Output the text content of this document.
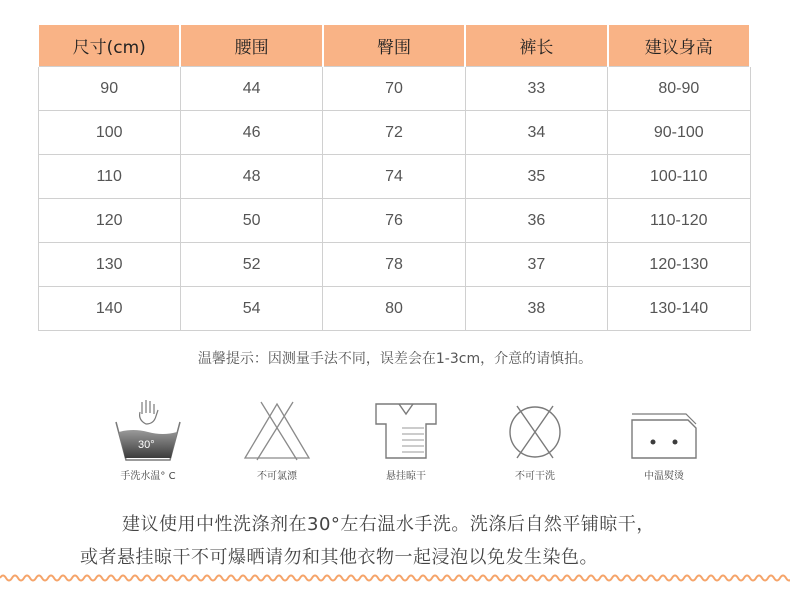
尺寸(cm)	腰围	臀围	裤长	建议身高
90	44	70	33	80-90
100	46	72	34	90-100
110	48	74	35	100-110
120	50	76	36	110-120
130	52	78	37	120-130
140	54	80	38	130-140
温馨提示：因测量手法不同，误差会在1-3cm，介意的请慎拍。
30°
手洗水温° C	不可氯漂	悬挂晾干	不可干洗	中温熨烫
建议使用中性洗涤剂在30°左右温水手洗。洗涤后自然平铺晾干，
或者悬挂晾干不可爆晒请勿和其他衣物一起浸泡以免发生染色。
